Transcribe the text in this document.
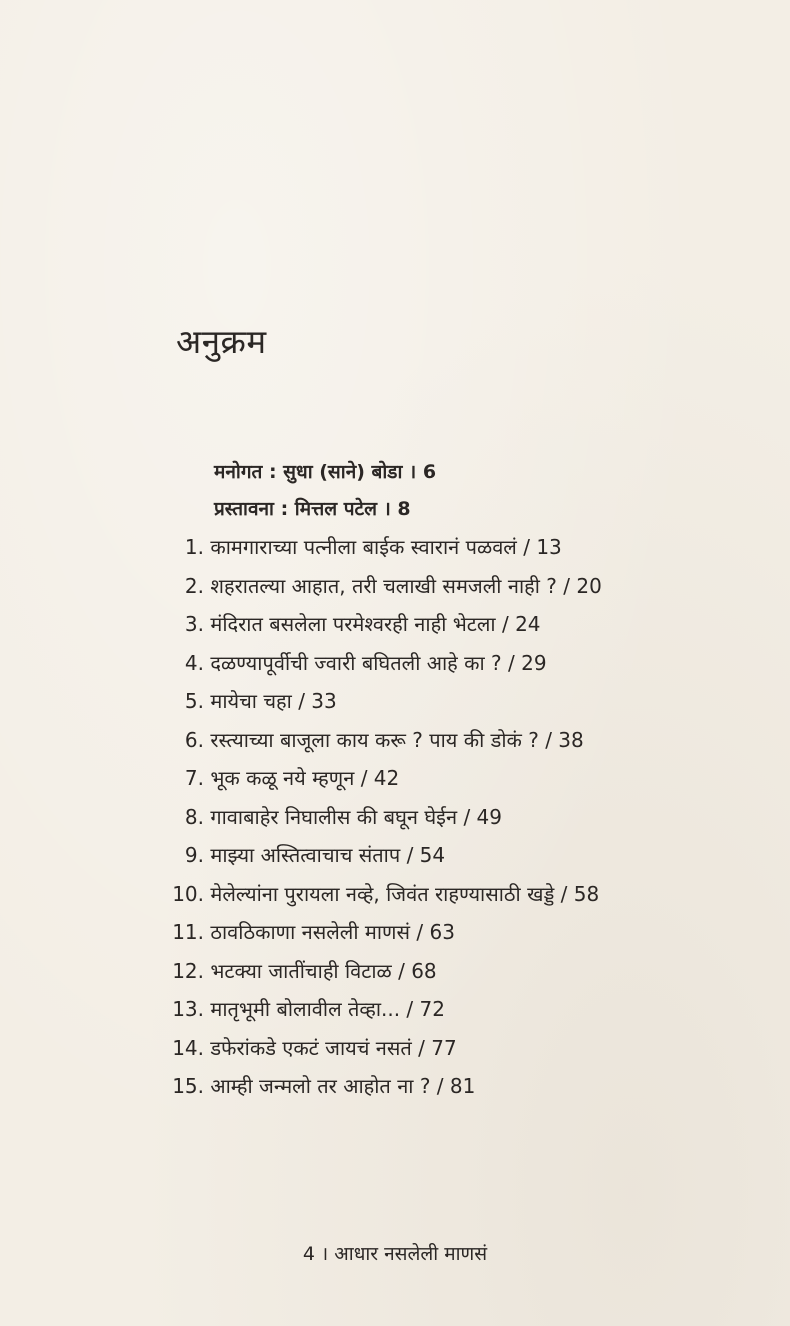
अनुक्रम
मनोगत : सुधा (साने) बोडा । 6
प्रस्तावना : मित्तल पटेल । 8
1. कामगाराच्या पत्नीला बाईक स्वारानं पळवलं / 13
2. शहरातल्या आहात, तरी चलाखी समजली नाही ? / 20
3. मंदिरात बसलेला परमेश्वरही नाही भेटला / 24
4. दळण्यापूर्वीची ज्वारी बघितली आहे का ? / 29
5. मायेचा चहा / 33
6. रस्त्याच्या बाजूला काय करू ? पाय की डोकं ? / 38
7. भूक कळू नये म्हणून / 42
8. गावाबाहेर निघालीस की बघून घेईन / 49
9. माझ्या अस्तित्वाचाच संताप / 54
10. मेलेल्यांना पुरायला नव्हे, जिवंत राहण्यासाठी खड्डे / 58
11. ठावठिकाणा नसलेली माणसं / 63
12. भटक्या जातींचाही विटाळ / 68
13. मातृभूमी बोलावील तेव्हा... / 72
14. डफेरांकडे एकटं जायचं नसतं / 77
15. आम्ही जन्मलो तर आहोत ना ? / 81
4 । आधार नसलेली माणसं
